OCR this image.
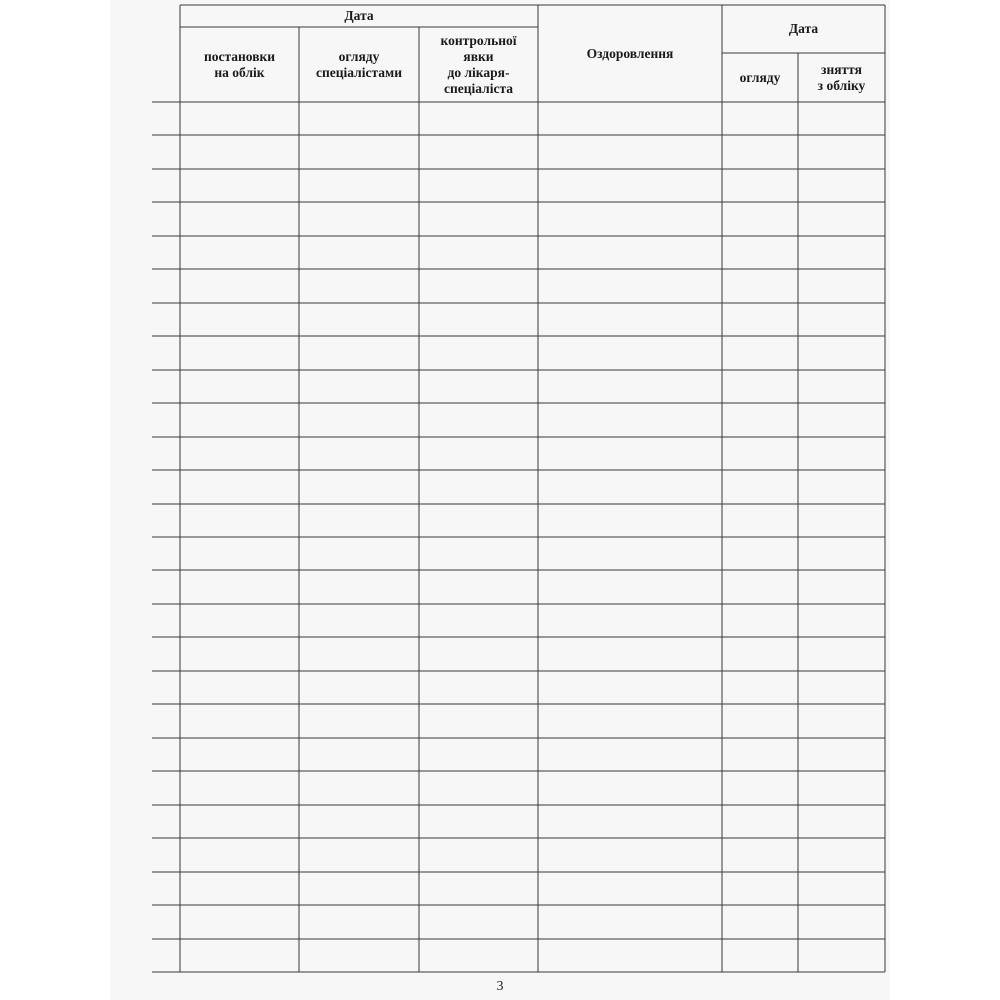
Дата
постановки
на облік
огляду
спеціалістами
контрольної
явки
до лікаря-
спеціаліста
Оздоровлення
Дата
огляду
зняття
з обліку
3
